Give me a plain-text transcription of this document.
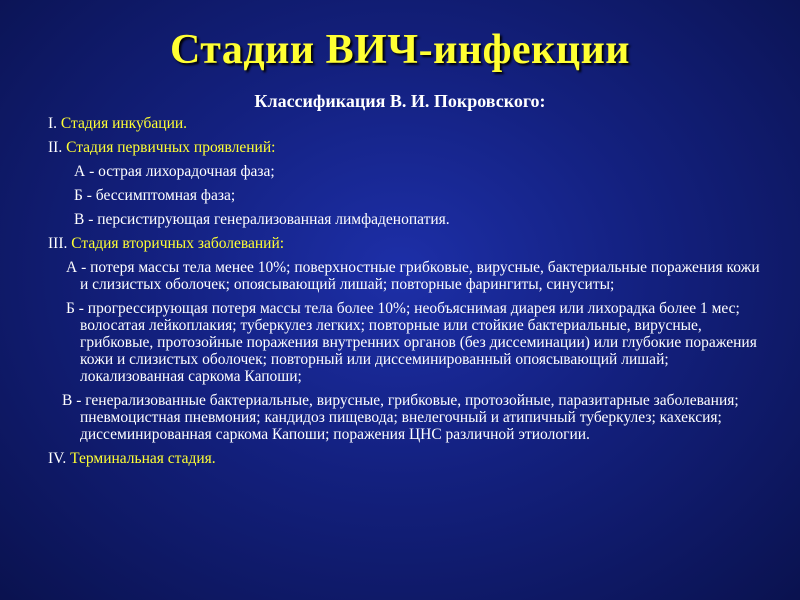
Стадии ВИЧ-инфекции
Классификация В. И. Покровского:

I. Стадия инкубации.

II. Стадия первичных проявлений:

А - острая лихорадочная фаза;

Б - бессимптомная фаза;

В - персистирующая генерализованная лимфаденопатия.

III. Стадия вторичных заболеваний:

А - потеря массы тела менее 10%; поверхностные грибковые, вирусные, бактериальные поражения кожи и слизистых оболочек; опоясывающий лишай; повторные фарингиты, синуситы;

Б - прогрессирующая потеря массы тела более 10%; необъяснимая диарея или лихорадка более 1 мес; волосатая лейкоплакия; туберкулез легких; повторные или стойкие бактериальные, вирусные, грибковые, протозойные поражения внутренних органов (без диссеминации) или глубокие поражения кожи и слизистых оболочек; повторный или диссеминированный опоясывающий лишай; локализованная саркома Капоши;

В - генерализованные бактериальные, вирусные, грибковые, протозойные, паразитарные заболевания; пневмоцистная пневмония; кандидоз пищевода; внелегочный и атипичный туберкулез; кахексия; диссеминированная саркома Капоши; поражения ЦНС различной этиологии.

IV. Терминальная стадия.
